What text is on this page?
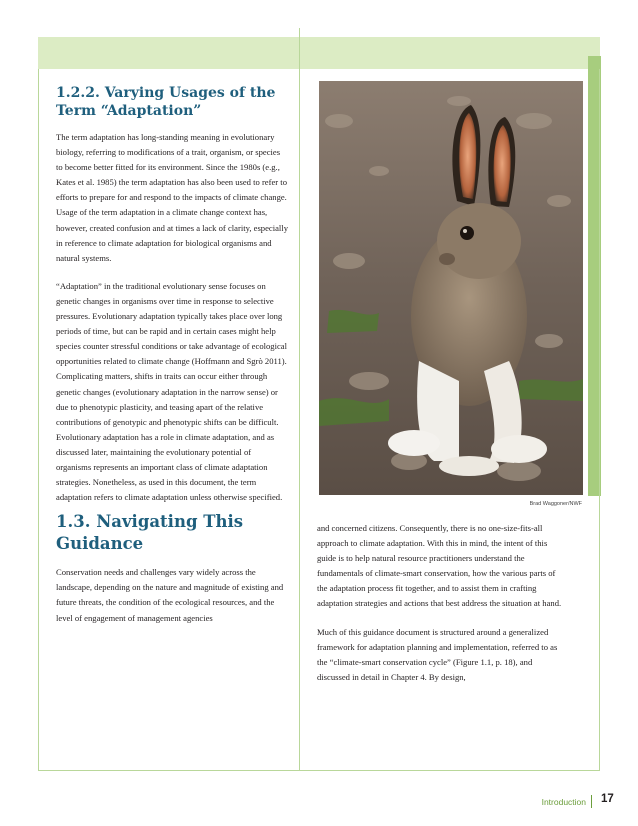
1.2.2. Varying Usages of the Term “Adaptation”

The term adaptation has long-standing meaning in evolutionary biology, referring to modifications of a trait, organism, or species to become better fitted for its environment. Since the 1980s (e.g., Kates et al. 1985) the term adaptation has also been used to refer to efforts to prepare for and respond to the impacts of climate change. Usage of the term adaptation in a climate change context has, however, created confusion and at times a lack of clarity, especially in reference to climate adaptation for biological organisms and natural systems.

“Adaptation” in the traditional evolutionary sense focuses on genetic changes in organisms over time in response to selective pressures. Evolutionary adaptation typically takes place over long periods of time, but can be rapid and in certain cases might help species counter stressful conditions or take advantage of ecological opportunities related to climate change (Hoffmann and Sgrò 2011). Complicating matters, shifts in traits can occur either through genetic changes (evolutionary adaptation in the narrow sense) or due to phenotypic plasticity, and teasing apart of the relative contributions of genotypic and phenotypic shifts can be difficult. Evolutionary adaptation has a role in climate adaptation, and as discussed later, maintaining the evolutionary potential of organisms represents an important class of climate adaptation strategies. Nonetheless, as used in this document, the term adaptation refers to climate adaptation unless otherwise specified.

1.3. Navigating This Guidance

Conservation needs and challenges vary widely across the landscape, depending on the nature and magnitude of existing and future threats, the condition of the ecological resources, and the level of engagement of management agencies

Brad Waggoner/NWF

and concerned citizens. Consequently, there is no one-size-fits-all approach to climate adaptation. With this in mind, the intent of this guide is to help natural resource practitioners understand the fundamentals of climate-smart conservation, how the various parts of the adaptation process fit together, and to assist them in crafting adaptation strategies and actions that best address the situation at hand.

Much of this guidance document is structured around a generalized framework for adaptation planning and implementation, referred to as the “climate-smart conservation cycle” (Figure 1.1, p. 18), and discussed in detail in Chapter 4. By design,

Introduction 17
